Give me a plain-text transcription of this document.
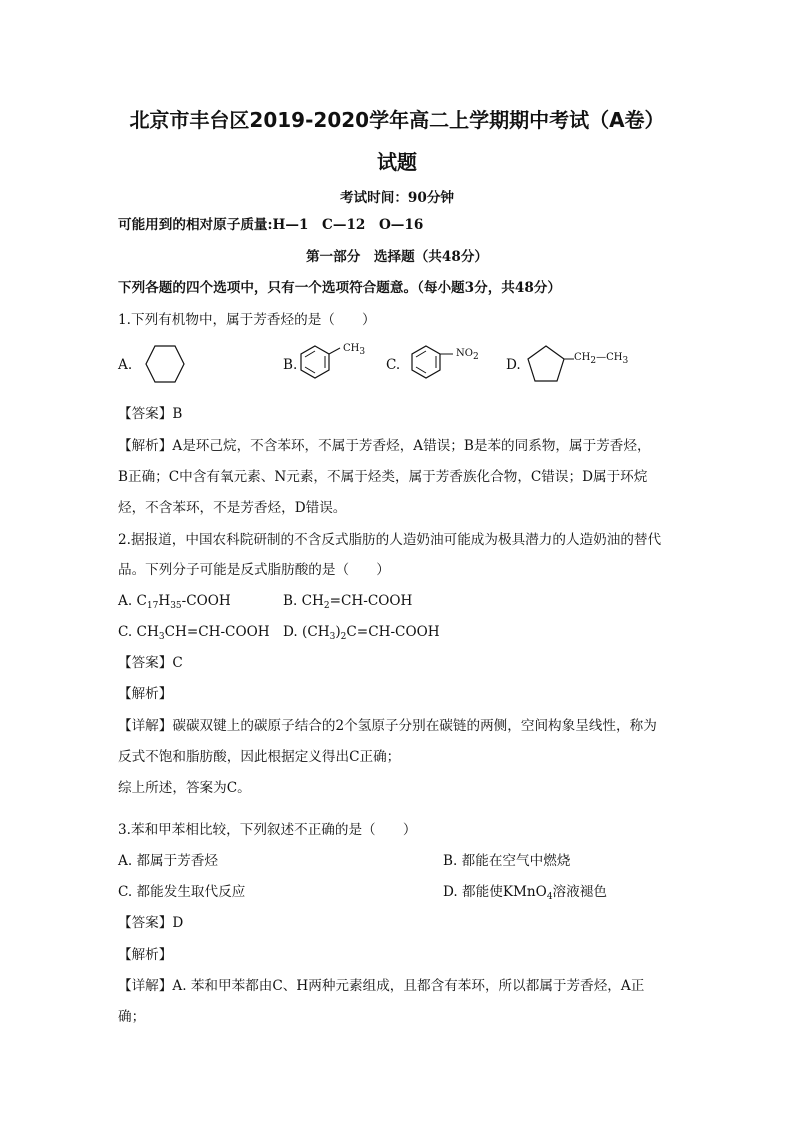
北京市丰台区2019-2020学年高二上学期期中考试（A卷）
试题
考试时间：90分钟
可能用到的相对原子质量:H—1　C—12　O—16
第一部分　选择题（共48分）
下列各题的四个选项中，只有一个选项符合题意。（每小题3分，共48分）
1.下列有机物中，属于芳香烃的是（　　）
A.	B.
$CH_3$
C.
$NO_2$ D.	$CH_2—CH_3$
【答案】B
【解析】A是环己烷，不含苯环，不属于芳香烃，A错误；B是苯的同系物，属于芳香烃，
B正确；C中含有氧元素、N元素，不属于烃类，属于芳香族化合物，C错误；D属于环烷
烃，不含苯环，不是芳香烃，D错误。
2.据报道，中国农科院研制的不含反式脂肪的人造奶油可能成为极具潜力的人造奶油的替代
品。下列分子可能是反式脂肪酸的是（　　）
A. $C_{17}H_{35}$-COOH	B. $CH_2=CH$-COOH
C. $CH_3CH=CH$-COOH D. $(CH_3)_2C=CH$-COOH
【答案】C
【解析】
【详解】碳碳双键上的碳原子结合的2个氢原子分别在碳链的两侧，空间构象呈线性，称为
反式不饱和脂肪酸，因此根据定义得出C正确；
综上所述，答案为C。
3.苯和甲苯相比较，下列叙述不正确的是（　　）
A. 都属于芳香烃	B. 都能在空气中燃烧
C. 都能发生取代反应	D. 都能使KMnO$_4$溶液褪色
【答案】D
【解析】
【详解】A. 苯和甲苯都由C、H两种元素组成，且都含有苯环，所以都属于芳香烃，A正
确；
